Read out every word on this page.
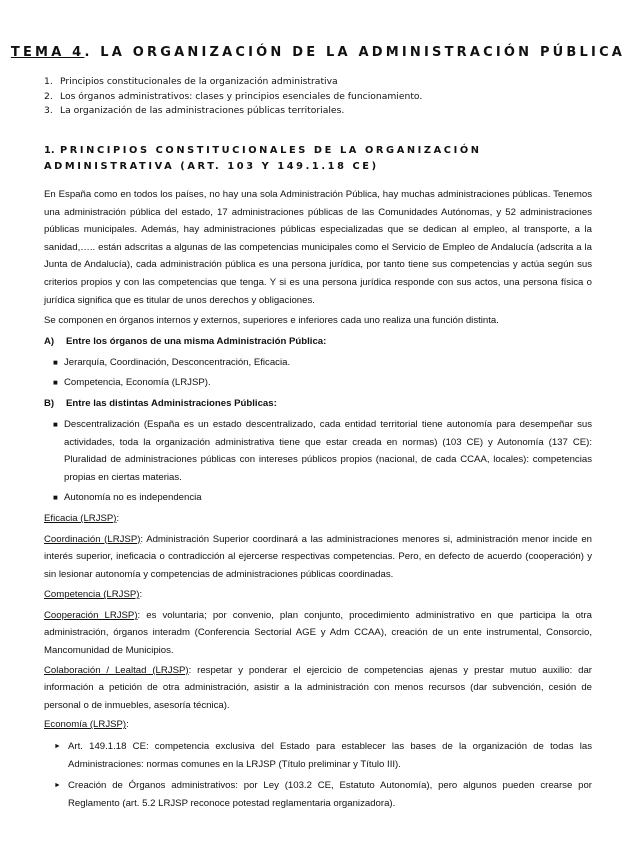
TEMA 4. LA ORGANIZACIÓN DE LA ADMINISTRACIÓN PÚBLICA
1. Principios constitucionales de la organización administrativa
2. Los órganos administrativos: clases y principios esenciales de funcionamiento.
3. La organización de las administraciones públicas territoriales.
1. PRINCIPIOS CONSTITUCIONALES DE LA ORGANIZACIÓN ADMINISTRATIVA (ART. 103 Y 149.1.18 CE)

En España como en todos los países, no hay una sola Administración Pública, hay muchas administraciones públicas. Tenemos una administración pública del estado, 17 administraciones públicas de las Comunidades Autónomas, y 52 administraciones públicas municipales. Además, hay administraciones públicas especializadas que se dedican al empleo, al transporte, a la sanidad,….. están adscritas a algunas de las competencias municipales como el Servicio de Empleo de Andalucía (adscrita a la Junta de Andalucía), cada administración pública es una persona jurídica, por tanto tiene sus competencias y actúa según sus criterios propios y con las competencias que tenga. Y si es una persona jurídica responde con sus actos, una persona física o jurídica significa que es titular de unos derechos y obligaciones.

Se componen en órganos internos y externos, superiores e inferiores cada uno realiza una función distinta.

A) Entre los órganos de una misma Administración Pública:
■ Jerarquía, Coordinación, Desconcentración, Eficacia.
■ Competencia, Economía (LRJSP).
B) Entre las distintas Administraciones Públicas:
■ Descentralización (España es un estado descentralizado, cada entidad territorial tiene autonomía para desempeñar sus actividades, toda la organización administrativa tiene que estar creada en normas) (103 CE) y Autonomía (137 CE): Pluralidad de administraciones públicas con intereses públicos propios (nacional, de cada CCAA, locales): competencias propias en ciertas materias.
■ Autonomía no es independencia

Eficacia (LRJSP):

Coordinación (LRJSP): Administración Superior coordinará a las administraciones menores si, administración menor incide en interés superior, ineficacia o contradicción al ejercerse respectivas competencias. Pero, en defecto de acuerdo (cooperación) y sin lesionar autonomía y competencias de administraciones públicas coordinadas.

Competencia (LRJSP):

Cooperación LRJSP): es voluntaria; por convenio, plan conjunto, procedimiento administrativo en que participa la otra administración, órganos interadm (Conferencia Sectorial AGE y Adm CCAA), creación de un ente instrumental, Consorcio, Mancomunidad de Municipios.

Colaboración / Lealtad (LRJSP): respetar y ponderar el ejercicio de competencias ajenas y prestar mutuo auxilio: dar información a petición de otra administración, asistir a la administración con menos recursos (dar subvención, cesión de personal o de inmuebles, asesoría técnica).

Economía (LRJSP):

► Art. 149.1.18 CE: competencia exclusiva del Estado para establecer las bases de la organización de todas las Administraciones: normas comunes en la LRJSP (Título preliminar y Título III).
► Creación de Órganos administrativos: por Ley (103.2 CE, Estatuto Autonomía), pero algunos pueden crearse por Reglamento (art. 5.2 LRJSP reconoce potestad reglamentaria organizadora).
